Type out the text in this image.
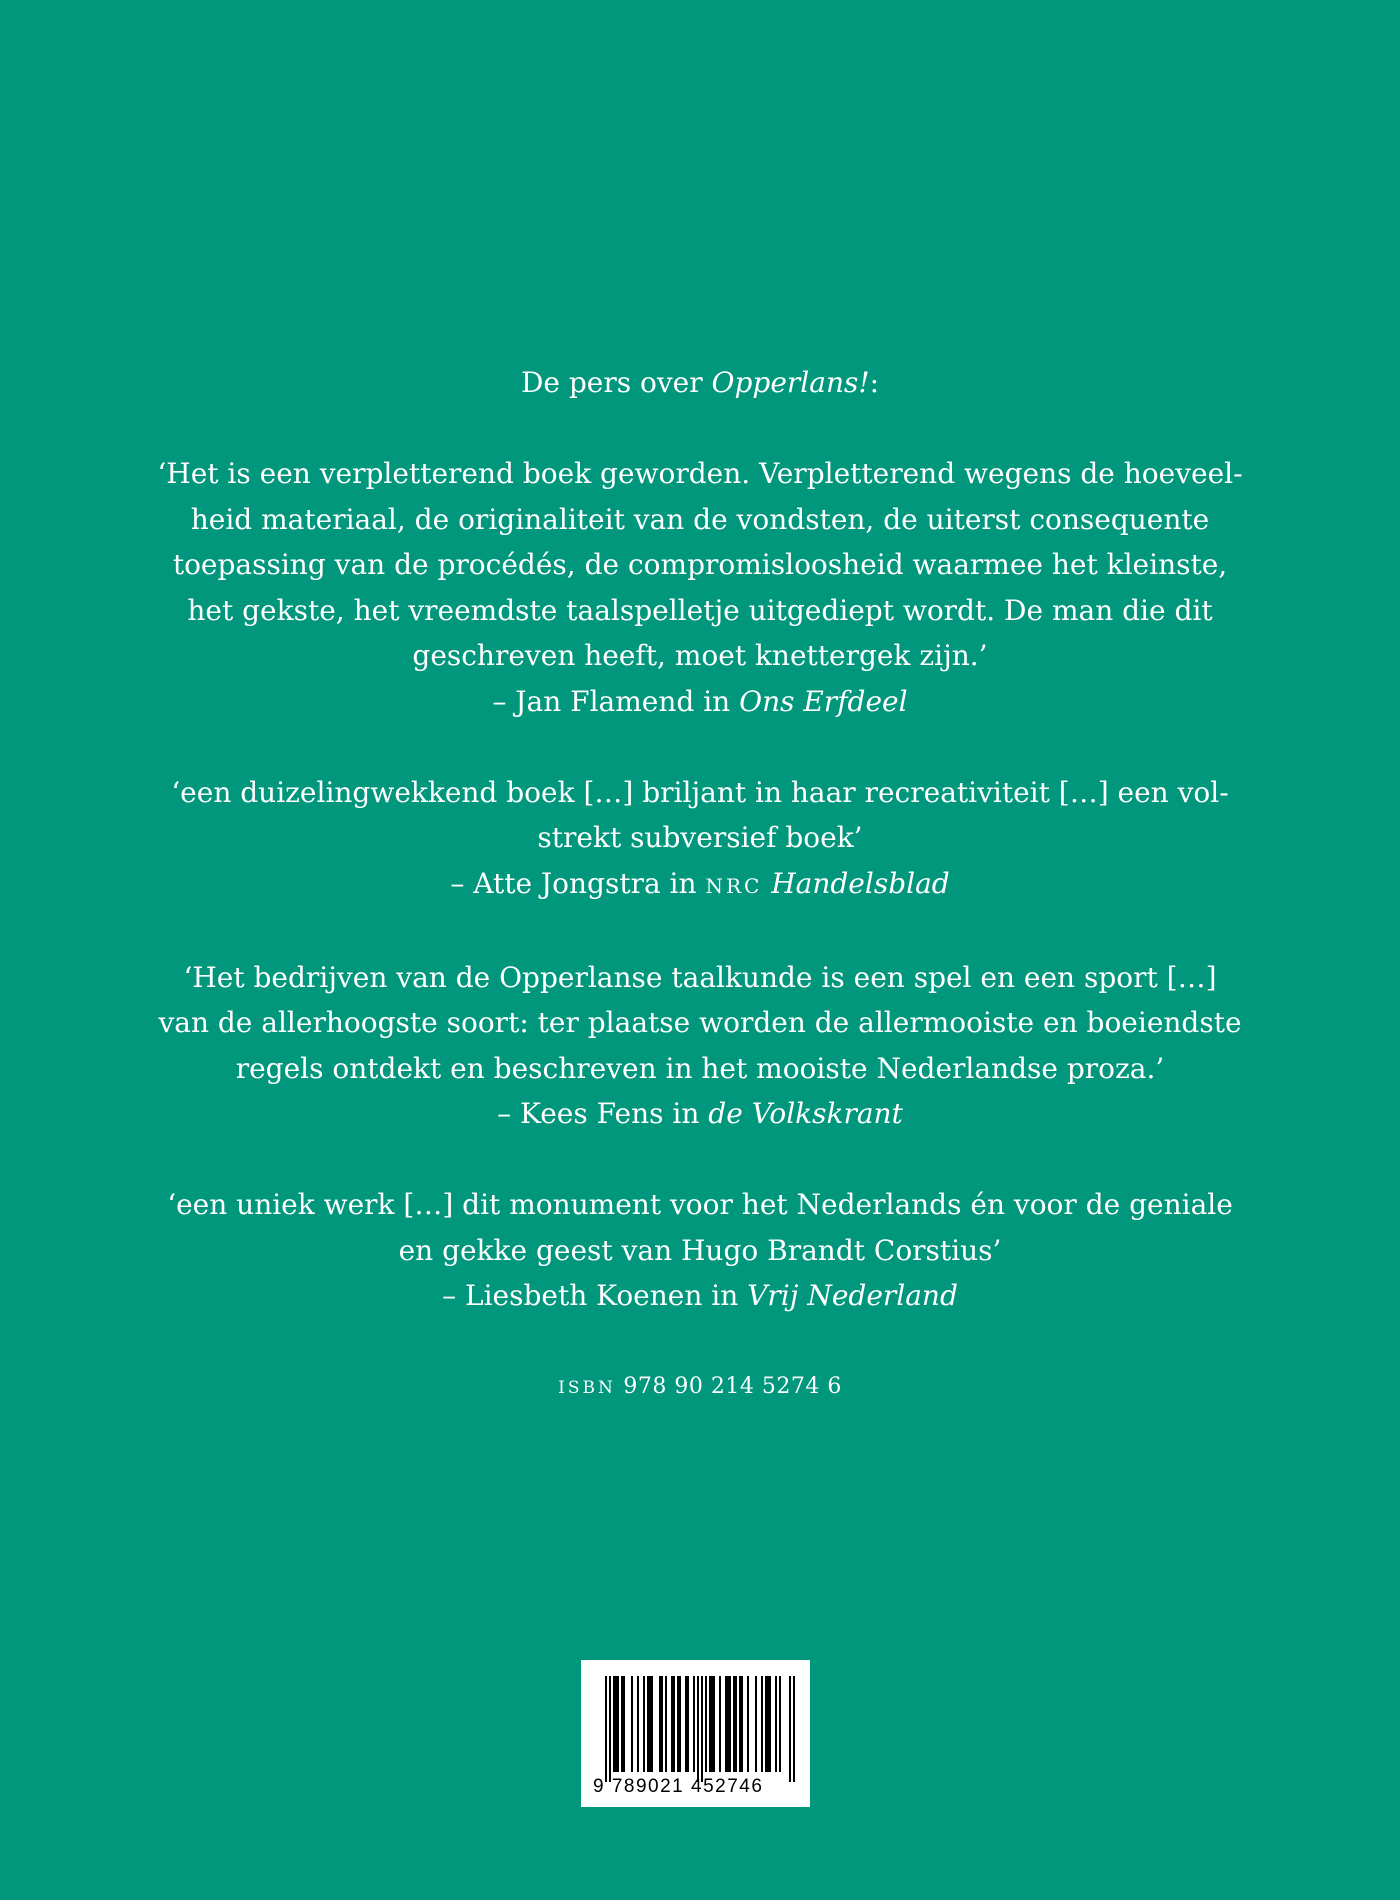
De pers over Opperlans!:

‘Het is een verpletterend boek geworden. Verpletterend wegens de hoeveel-
heid materiaal, de originaliteit van de vondsten, de uiterst consequente
toepassing van de procédés, de compromisloosheid waarmee het kleinste,
het gekste, het vreemdste taalspelletje uitgediept wordt. De man die dit
geschreven heeft, moet knettergek zijn.’
– Jan Flamend in Ons Erfdeel
‘een duizelingwekkend boek […] briljant in haar recreativiteit […] een vol-
strekt subversief boek’
– Atte Jongstra in NRC Handelsblad
‘Het bedrijven van de Opperlanse taalkunde is een spel en een sport […]
van de allerhoogste soort: ter plaatse worden de allermooiste en boeiendste
regels ontdekt en beschreven in het mooiste Nederlandse proza.’
– Kees Fens in de Volkskrant
‘een uniek werk […] dit monument voor het Nederlands én voor de geniale
en gekke geest van Hugo Brandt Corstius’
– Liesbeth Koenen in Vrij Nederland
ISBN 978 90 214 5274 6
9 789021 452746
